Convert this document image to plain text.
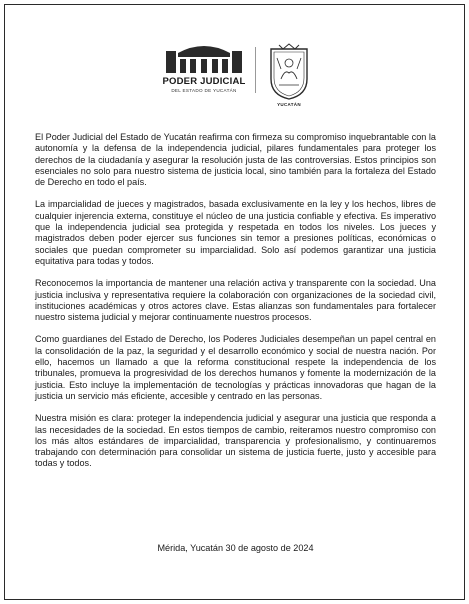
PODER JUDICIAL
DEL ESTADO DE YUCATÁN
YUCATÁN

El Poder Judicial del Estado de Yucatán reafirma con firmeza su compromiso inquebrantable con la autonomía y la defensa de la independencia judicial, pilares fundamentales para proteger los derechos de la ciudadanía y asegurar la resolución justa de las controversias. Estos principios son esenciales no solo para nuestro sistema de justicia local, sino también para la fortaleza del Estado de Derecho en todo el país.

La imparcialidad de jueces y magistrados, basada exclusivamente en la ley y los hechos, libres de cualquier injerencia externa, constituye el núcleo de una justicia confiable y efectiva. Es imperativo que la independencia judicial sea protegida y respetada en todos los niveles. Los jueces y magistrados deben poder ejercer sus funciones sin temor a presiones políticas, económicas o sociales que puedan comprometer su imparcialidad. Solo así podemos garantizar una justicia equitativa para todas y todos.

Reconocemos la importancia de mantener una relación activa y transparente con la sociedad. Una justicia inclusiva y representativa requiere la colaboración con organizaciones de la sociedad civil, instituciones académicas y otros actores clave. Estas alianzas son fundamentales para fortalecer nuestro sistema judicial y mejorar continuamente nuestros procesos.

Como guardianes del Estado de Derecho, los Poderes Judiciales desempeñan un papel central en la consolidación de la paz, la seguridad y el desarrollo económico y social de nuestra nación. Por ello, hacemos un llamado a que la reforma constitucional respete la independencia de los tribunales, promueva la progresividad de los derechos humanos y fomente la modernización de la justicia. Esto incluye la implementación de tecnologías y prácticas innovadoras que hagan de la justicia un servicio más eficiente, accesible y centrado en las personas.

Nuestra misión es clara: proteger la independencia judicial y asegurar una justicia que responda a las necesidades de la sociedad. En estos tiempos de cambio, reiteramos nuestro compromiso con los más altos estándares de imparcialidad, transparencia y profesionalismo, y continuaremos trabajando con determinación para consolidar un sistema de justicia fuerte, justo y accesible para todas y todos.

Mérida, Yucatán 30 de agosto de 2024
